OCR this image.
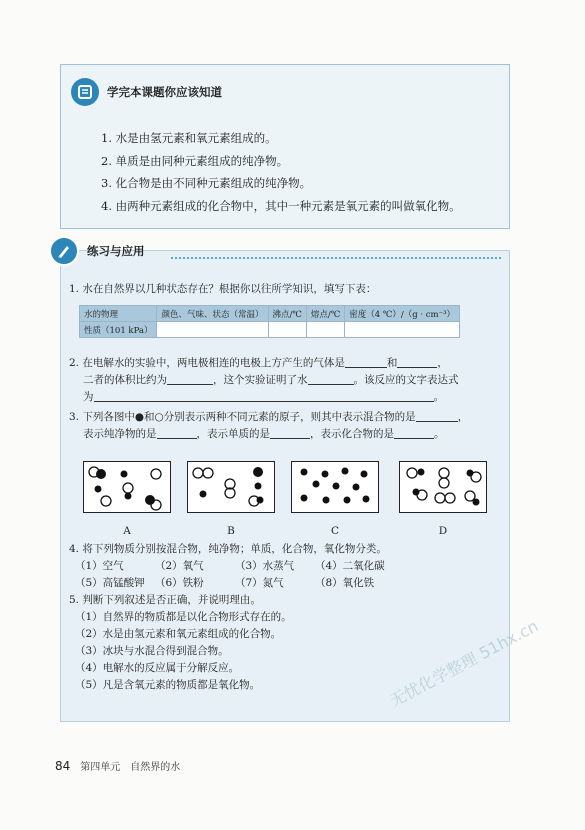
学完本课题你应该知道
1. 水是由氢元素和氧元素组成的。
2. 单质是由同种元素组成的纯净物。
3. 化合物是由不同种元素组成的纯净物。
4. 由两种元素组成的化合物中，其中一种元素是氧元素的叫做氧化物。
练习与应用
1. 水在自然界以几种状态存在？根据你以往所学知识，填写下表：
水的物理	颜色、气味、状态（常温）	沸点/℃	熔点/℃	密度（4 ℃）/（g · cm⁻³）
性质（101 kPa）				
2. 在电解水的实验中，两电极相连的电极上方产生的气体是	和	，
二者的体积比约为	，这个实验证明了水	。该反应的文字表达式
为	。
3. 下列各图中●和○分别表示两种不同元素的原子，则其中表示混合物的是	，
表示纯净物的是	，表示单质的是	，表示化合物的是	。
A	B	C	D
4. 将下列物质分别按混合物，纯净物；单质，化合物，氧化物分类。
（1）空气	（2）氧气	（3）水蒸气 （4）二氧化碳
（5）高锰酸钾 （6）铁粉	（7）氮气	（8）氧化铁
5. 判断下列叙述是否正确，并说明理由。
（1）自然界的物质都是以化合物形式存在的。
（2）水是由氢元素和氧元素组成的化合物。
（3）冰块与水混合得到混合物。
（4）电解水的反应属于分解反应。
（5）凡是含氧元素的物质都是氧化物。	无忧化学整理 51hx.cn
84 第四单元　自然界的水
